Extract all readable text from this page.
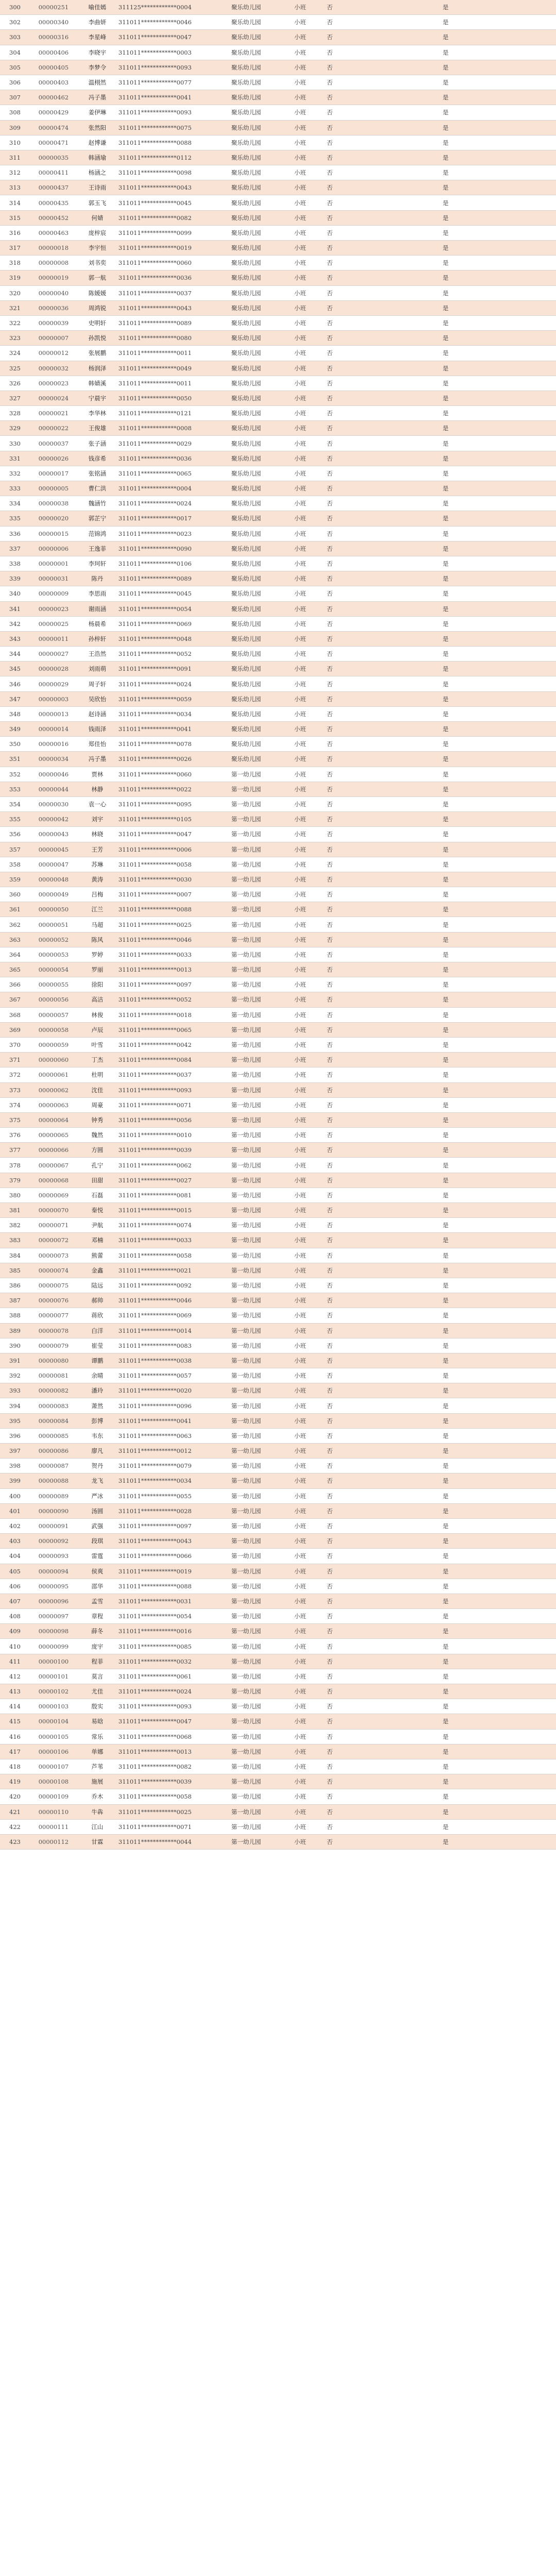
300	00000251	喻佳嫣	311125************0004	聚乐幼儿园	小班	否				是	
302	00000340	李曲妍	311011************0046	聚乐幼儿园	小班	否				是	
303	00000316	李星峰	311011************0047	聚乐幼儿园	小班	否				是	
304	00000406	李晓宇	311011************0003	聚乐幼儿园	小班	否				是	
305	00000405	李梦令	311011************0093	聚乐幼儿园	小班	否				是	
306	00000403	温栩然	311011************0077	聚乐幼儿园	小班	否				是	
307	00000462	冯子墨	311011************0041	聚乐幼儿园	小班	否				是	
308	00000429	姜伊琳	311011************0093	聚乐幼儿园	小班	否				是	
309	00000474	张然阳	311011************0075	聚乐幼儿园	小班	否				是	
310	00000471	赵博谦	311011************0088	聚乐幼儿园	小班	否				是	
311	00000035	韩涵瑜	311011************0112	聚乐幼儿园	小班	否				是	
312	00000411	杨涵之	311011************0098	聚乐幼儿园	小班	否				是	
313	00000437	王诗雨	311011************0043	聚乐幼儿园	小班	否				是	
314	00000435	郭玉飞	311011************0045	聚乐幼儿园	小班	否				是	
315	00000452	何婧	311011************0082	聚乐幼儿园	小班	否				是	
316	00000463	庞梓宸	311011************0099	聚乐幼儿园	小班	否				是	
317	00000018	李宇恒	311011************0019	聚乐幼儿园	小班	否				是	
318	00000008	刘书奕	311011************0060	聚乐幼儿园	小班	否				是	
319	00000019	郭一航	311011************0036	聚乐幼儿园	小班	否				是	
320	00000040	陈媛媛	311011************0037	聚乐幼儿园	小班	否				是	
321	00000036	周鸿锐	311011************0043	聚乐幼儿园	小班	否				是	
322	00000039	史明轩	311011************0089	聚乐幼儿园	小班	否				是	
323	00000007	孙凯悦	311011************0080	聚乐幼儿园	小班	否				是	
324	00000012	张展鹏	311011************0011	聚乐幼儿园	小班	否				是	
325	00000032	杨润泽	311011************0049	聚乐幼儿园	小班	否				是	
326	00000023	韩婧溪	311011************0011	聚乐幼儿园	小班	否				是	
327	00000024	宁晨宇	311011************0050	聚乐幼儿园	小班	否				是	
328	00000021	李华林	311011************0121	聚乐幼儿园	小班	否				是	
329	00000022	王俊雄	311011************0008	聚乐幼儿园	小班	否				是	
330	00000037	张子涵	311011************0029	聚乐幼儿园	小班	否				是	
331	00000026	钱彦希	311011************0036	聚乐幼儿园	小班	否				是	
332	00000017	张铭涵	311011************0065	聚乐幼儿园	小班	否				是	
333	00000005	曹仁洪	311011************0004	聚乐幼儿园	小班	否				是	
334	00000038	魏涵竹	311011************0024	聚乐幼儿园	小班	否				是	
335	00000020	郭芷宁	311011************0017	聚乐幼儿园	小班	否				是	
336	00000015	范锦鸿	311011************0023	聚乐幼儿园	小班	否				是	
337	00000006	王逸菲	311011************0090	聚乐幼儿园	小班	否				是	
338	00000001	李珂轩	311011************0106	聚乐幼儿园	小班	否				是	
339	00000031	陈丹	311011************0089	聚乐幼儿园	小班	否				是	
340	00000009	李思雨	311011************0045	聚乐幼儿园	小班	否				是	
341	00000023	谢雨涵	311011************0054	聚乐幼儿园	小班	否				是	
342	00000025	杨晨希	311011************0069	聚乐幼儿园	小班	否				是	
343	00000011	孙梓轩	311011************0048	聚乐幼儿园	小班	否				是	
344	00000027	王浩然	311011************0052	聚乐幼儿园	小班	否				是	
345	00000028	刘雨萌	311011************0091	聚乐幼儿园	小班	否				是	
346	00000029	周子轩	311011************0024	聚乐幼儿园	小班	否				是	
347	00000003	吴欣怡	311011************0059	聚乐幼儿园	小班	否				是	
348	00000013	赵诗涵	311011************0034	聚乐幼儿园	小班	否				是	
349	00000014	钱雨泽	311011************0041	聚乐幼儿园	小班	否				是	
350	00000016	郑佳怡	311011************0078	聚乐幼儿园	小班	否				是	
351	00000034	冯子墨	311011************0026	聚乐幼儿园	小班	否				是	
352	00000046	贾林	311011************0060	第一幼儿园	小班	否				是	
353	00000044	林静	311011************0022	第一幼儿园	小班	否				是	
354	00000030	袁一心	311011************0095	第一幼儿园	小班	否				是	
355	00000042	刘宇	311011************0105	第一幼儿园	小班	否				是	
356	00000043	林晓	311011************0047	第一幼儿园	小班	否				是	
357	00000045	王芳	311011************0006	第一幼儿园	小班	否				是	
358	00000047	苏琳	311011************0058	第一幼儿园	小班	否				是	
359	00000048	黄涛	311011************0030	第一幼儿园	小班	否				是	
360	00000049	吕梅	311011************0007	第一幼儿园	小班	否				是	
361	00000050	江兰	311011************0088	第一幼儿园	小班	否				是	
362	00000051	马超	311011************0025	第一幼儿园	小班	否				是	
363	00000052	陈风	311011************0046	第一幼儿园	小班	否				是	
364	00000053	罗婷	311011************0033	第一幼儿园	小班	否				是	
365	00000054	罗丽	311011************0013	第一幼儿园	小班	否				是	
366	00000055	徐阳	311011************0097	第一幼儿园	小班	否				是	
367	00000056	高洁	311011************0052	第一幼儿园	小班	否				是	
368	00000057	林俊	311011************0018	第一幼儿园	小班	否				是	
369	00000058	卢辰	311011************0065	第一幼儿园	小班	否				是	
370	00000059	叶雪	311011************0042	第一幼儿园	小班	否				是	
371	00000060	丁杰	311011************0084	第一幼儿园	小班	否				是	
372	00000061	杜明	311011************0037	第一幼儿园	小班	否				是	
373	00000062	沈佳	311011************0093	第一幼儿园	小班	否				是	
374	00000063	周豪	311011************0071	第一幼儿园	小班	否				是	
375	00000064	钟秀	311011************0056	第一幼儿园	小班	否				是	
376	00000065	魏然	311011************0010	第一幼儿园	小班	否				是	
377	00000066	方圆	311011************0039	第一幼儿园	小班	否				是	
378	00000067	孔宁	311011************0062	第一幼儿园	小班	否				是	
379	00000068	田甜	311011************0027	第一幼儿园	小班	否				是	
380	00000069	石磊	311011************0081	第一幼儿园	小班	否				是	
381	00000070	秦悦	311011************0015	第一幼儿园	小班	否				是	
382	00000071	尹航	311011************0074	第一幼儿园	小班	否				是	
383	00000072	邓楠	311011************0033	第一幼儿园	小班	否				是	
384	00000073	熊蕾	311011************0058	第一幼儿园	小班	否				是	
385	00000074	金鑫	311011************0021	第一幼儿园	小班	否				是	
386	00000075	陆远	311011************0092	第一幼儿园	小班	否				是	
387	00000076	郝帅	311011************0046	第一幼儿园	小班	否				是	
388	00000077	蒋欣	311011************0069	第一幼儿园	小班	否				是	
389	00000078	白洋	311011************0014	第一幼儿园	小班	否				是	
390	00000079	崔莹	311011************0083	第一幼儿园	小班	否				是	
391	00000080	谭鹏	311011************0038	第一幼儿园	小班	否				是	
392	00000081	余晴	311011************0057	第一幼儿园	小班	否				是	
393	00000082	潘玲	311011************0020	第一幼儿园	小班	否				是	
394	00000083	萧然	311011************0096	第一幼儿园	小班	否				是	
395	00000084	彭博	311011************0041	第一幼儿园	小班	否				是	
396	00000085	韦东	311011************0063	第一幼儿园	小班	否				是	
397	00000086	廖凡	311011************0012	第一幼儿园	小班	否				是	
398	00000087	贺丹	311011************0079	第一幼儿园	小班	否				是	
399	00000088	龙飞	311011************0034	第一幼儿园	小班	否				是	
400	00000089	严冰	311011************0055	第一幼儿园	小班	否				是	
401	00000090	汤圆	311011************0028	第一幼儿园	小班	否				是	
402	00000091	武强	311011************0097	第一幼儿园	小班	否				是	
403	00000092	段琪	311011************0043	第一幼儿园	小班	否				是	
404	00000093	雷霆	311011************0066	第一幼儿园	小班	否				是	
405	00000094	侯爽	311011************0019	第一幼儿园	小班	否				是	
406	00000095	邵华	311011************0088	第一幼儿园	小班	否				是	
407	00000096	孟雪	311011************0031	第一幼儿园	小班	否				是	
408	00000097	章程	311011************0054	第一幼儿园	小班	否				是	
409	00000098	薛冬	311011************0016	第一幼儿园	小班	否				是	
410	00000099	庞宇	311011************0085	第一幼儿园	小班	否				是	
411	00000100	程菲	311011************0032	第一幼儿园	小班	否				是	
412	00000101	莫言	311011************0061	第一幼儿园	小班	否				是	
413	00000102	尤佳	311011************0024	第一幼儿园	小班	否				是	
414	00000103	殷实	311011************0093	第一幼儿园	小班	否				是	
415	00000104	易晗	311011************0047	第一幼儿园	小班	否				是	
416	00000105	常乐	311011************0068	第一幼儿园	小班	否				是	
417	00000106	单娜	311011************0013	第一幼儿园	小班	否				是	
418	00000107	芦苇	311011************0082	第一幼儿园	小班	否				是	
419	00000108	施展	311011************0039	第一幼儿园	小班	否				是	
420	00000109	乔木	311011************0058	第一幼儿园	小班	否				是	
421	00000110	牛犇	311011************0025	第一幼儿园	小班	否				是	
422	00000111	江山	311011************0071	第一幼儿园	小班	否				是	
423	00000112	甘霖	311011************0044	第一幼儿园	小班	否				是	
